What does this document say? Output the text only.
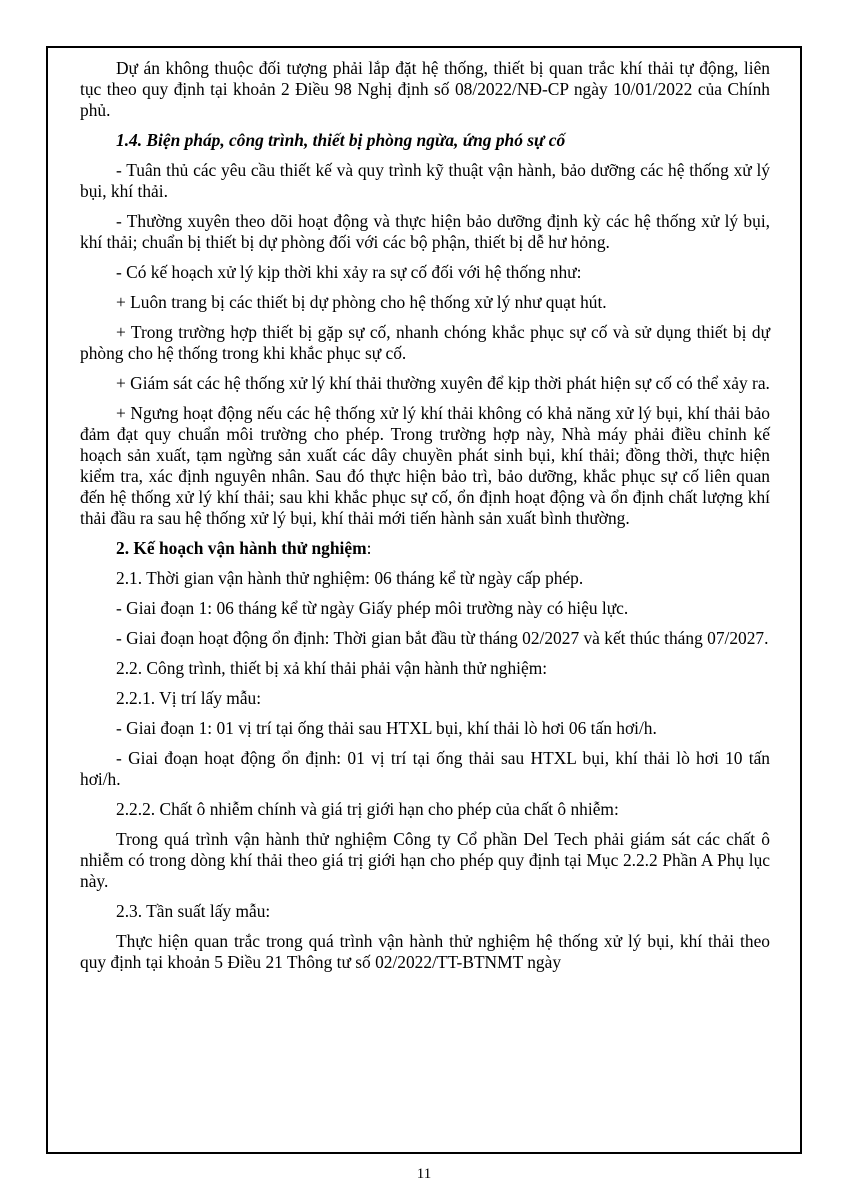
Dự án không thuộc đối tượng phải lắp đặt hệ thống, thiết bị quan trắc khí thải tự động, liên tục theo quy định tại khoản 2 Điều 98 Nghị định số 08/2022/NĐ-CP ngày 10/01/2022 của Chính phủ.

1.4. Biện pháp, công trình, thiết bị phòng ngừa, ứng phó sự cố

- Tuân thủ các yêu cầu thiết kế và quy trình kỹ thuật vận hành, bảo dưỡng các hệ thống xử lý bụi, khí thải.

- Thường xuyên theo dõi hoạt động và thực hiện bảo dưỡng định kỳ các hệ thống xử lý bụi, khí thải; chuẩn bị thiết bị dự phòng đối với các bộ phận, thiết bị dễ hư hỏng.

- Có kế hoạch xử lý kịp thời khi xảy ra sự cố đối với hệ thống như:

+ Luôn trang bị các thiết bị dự phòng cho hệ thống xử lý như quạt hút.

+ Trong trường hợp thiết bị gặp sự cố, nhanh chóng khắc phục sự cố và sử dụng thiết bị dự phòng cho hệ thống trong khi khắc phục sự cố.

+ Giám sát các hệ thống xử lý khí thải thường xuyên để kịp thời phát hiện sự cố có thể xảy ra.

+ Ngưng hoạt động nếu các hệ thống xử lý khí thải không có khả năng xử lý bụi, khí thải bảo đảm đạt quy chuẩn môi trường cho phép. Trong trường hợp này, Nhà máy phải điều chỉnh kế hoạch sản xuất, tạm ngừng sản xuất các dây chuyền phát sinh bụi, khí thải; đồng thời, thực hiện kiểm tra, xác định nguyên nhân. Sau đó thực hiện bảo trì, bảo dưỡng, khắc phục sự cố liên quan đến hệ thống xử lý khí thải; sau khi khắc phục sự cố, ổn định hoạt động và ổn định chất lượng khí thải đầu ra sau hệ thống xử lý bụi, khí thải mới tiến hành sản xuất bình thường.

2. Kế hoạch vận hành thử nghiệm:

2.1. Thời gian vận hành thử nghiệm: 06 tháng kể từ ngày cấp phép.

- Giai đoạn 1: 06 tháng kể từ ngày Giấy phép môi trường này có hiệu lực.

- Giai đoạn hoạt động ổn định: Thời gian bắt đầu từ tháng 02/2027 và kết thúc tháng 07/2027.

2.2. Công trình, thiết bị xả khí thải phải vận hành thử nghiệm:

2.2.1. Vị trí lấy mẫu:

- Giai đoạn 1: 01 vị trí tại ống thải sau HTXL bụi, khí thải lò hơi 06 tấn hơi/h.

- Giai đoạn hoạt động ổn định: 01 vị trí tại ống thải sau HTXL bụi, khí thải lò hơi 10 tấn hơi/h.

2.2.2. Chất ô nhiễm chính và giá trị giới hạn cho phép của chất ô nhiễm:

Trong quá trình vận hành thử nghiệm Công ty Cổ phần Del Tech phải giám sát các chất ô nhiễm có trong dòng khí thải theo giá trị giới hạn cho phép quy định tại Mục 2.2.2 Phần A Phụ lục này.

2.3. Tần suất lấy mẫu:

Thực hiện quan trắc trong quá trình vận hành thử nghiệm hệ thống xử lý bụi, khí thải theo quy định tại khoản 5 Điều 21 Thông tư số 02/2022/TT-BTNMT ngày

11
